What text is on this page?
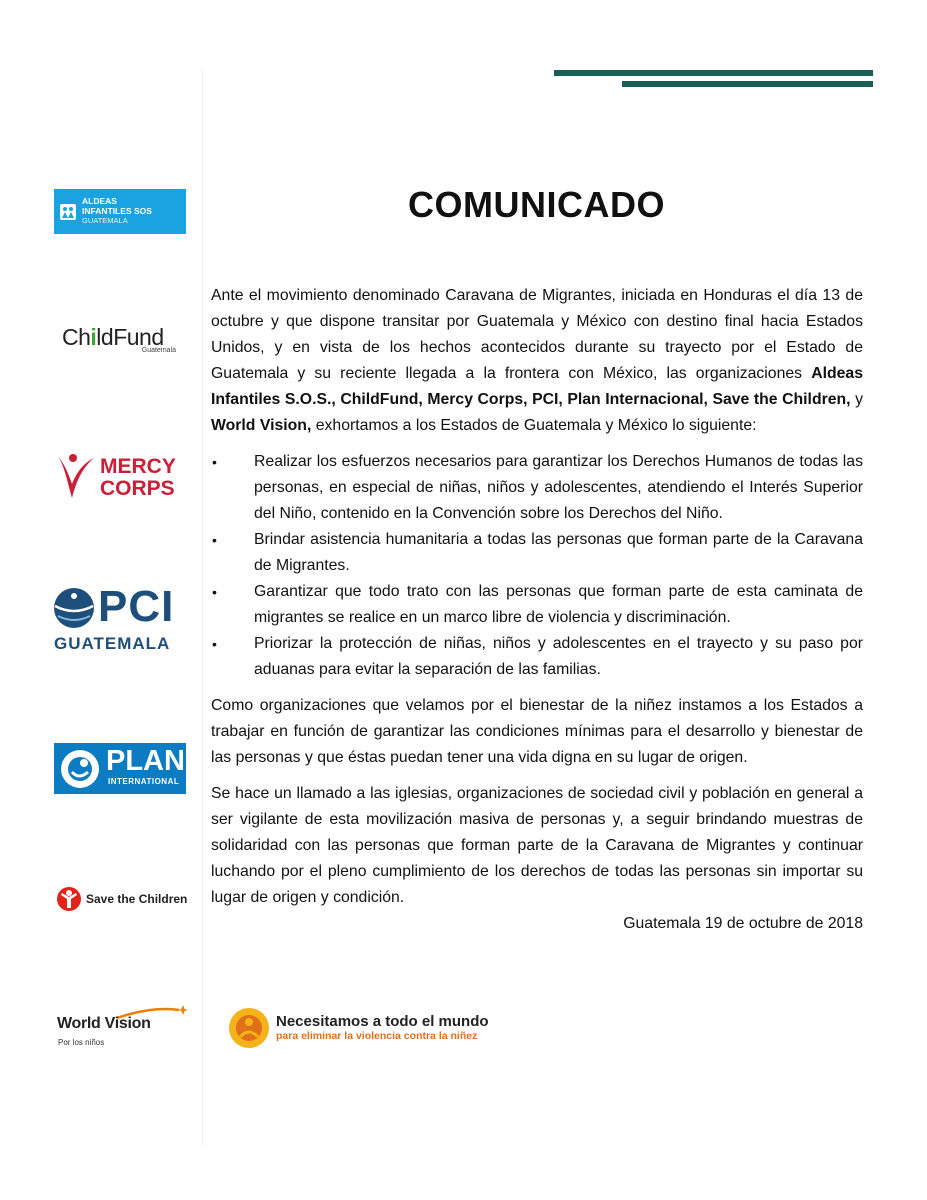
ALDEAS
INFANTILES SOS
GUATEMALA
ChildFund
Guatemala
MERCY
CORPS
PCI
GUATEMALA
PLAN
INTERNATIONAL
Save the Children
World Vision
Por los niños
Necesitamos a todo el mundo
para eliminar la violencia contra la niñez
COMUNICADO

Ante el movimiento denominado Caravana de Migrantes, iniciada en Honduras el día 13 de octubre y que dispone transitar por Guatemala y México con destino final hacia Estados Unidos, y en vista de los hechos acontecidos durante su trayecto por el Estado de Guatemala y su reciente llegada a la frontera con México, las organizaciones Aldeas Infantiles S.O.S., ChildFund, Mercy Corps, PCI, Plan Internacional, Save the Children, y World Vision, exhortamos a los Estados de Guatemala y México lo siguiente:

• Realizar los esfuerzos necesarios para garantizar los Derechos Humanos de todas las personas, en especial de niñas, niños y adolescentes, atendiendo el Interés Superior del Niño, contenido en la Convención sobre los Derechos del Niño.
• Brindar asistencia humanitaria a todas las personas que forman parte de la Caravana de Migrantes.
• Garantizar que todo trato con las personas que forman parte de esta caminata de migrantes se realice en un marco libre de violencia y discriminación.
• Priorizar la protección de niñas, niños y adolescentes en el trayecto y su paso por aduanas para evitar la separación de las familias.

Como organizaciones que velamos por el bienestar de la niñez instamos a los Estados a trabajar en función de garantizar las condiciones mínimas para el desarrollo y bienestar de las personas y que éstas puedan tener una vida digna en su lugar de origen.

Se hace un llamado a las iglesias, organizaciones de sociedad civil y población en general a ser vigilante de esta movilización masiva de personas y, a seguir brindando muestras de solidaridad con las personas que forman parte de la Caravana de Migrantes y continuar luchando por el pleno cumplimiento de los derechos de todas las personas sin importar su lugar de origen y condición.

Guatemala 19 de octubre de 2018
